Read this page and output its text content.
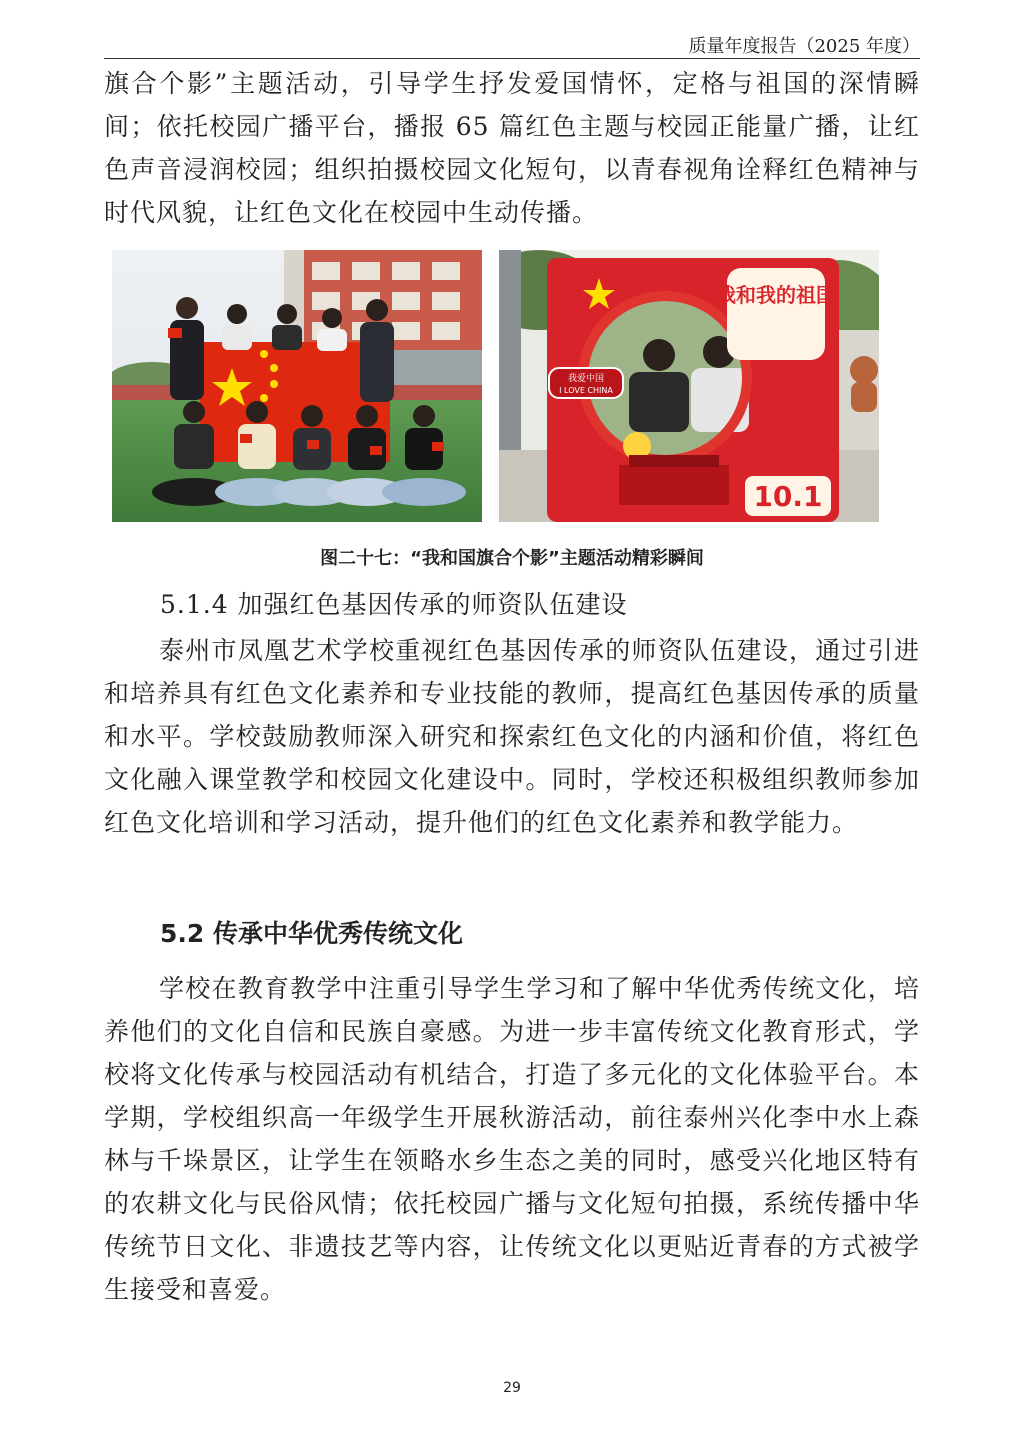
质量年度报告（2025 年度）

旗合个影”主题活动，引导学生抒发爱国情怀，定格与祖国的深情瞬间；依托校园广播平台，播报 65 篇红色主题与校园正能量广播，让红色声音浸润校园；组织拍摄校园文化短句，以青春视角诠释红色精神与时代风貌，让红色文化在校园中生动传播。

我和我的祖国
我爱中国
I LOVE CHINA
10.1
图二十七：“我和国旗合个影”主题活动精彩瞬间
5.1.4 加强红色基因传承的师资队伍建设

泰州市凤凰艺术学校重视红色基因传承的师资队伍建设，通过引进和培养具有红色文化素养和专业技能的教师，提高红色基因传承的质量和水平。学校鼓励教师深入研究和探索红色文化的内涵和价值，将红色文化融入课堂教学和校园文化建设中。同时，学校还积极组织教师参加红色文化培训和学习活动，提升他们的红色文化素养和教学能力。

5.2 传承中华优秀传统文化

学校在教育教学中注重引导学生学习和了解中华优秀传统文化，培养他们的文化自信和民族自豪感。为进一步丰富传统文化教育形式，学校将文化传承与校园活动有机结合，打造了多元化的文化体验平台。本学期，学校组织高一年级学生开展秋游活动，前往泰州兴化李中水上森林与千垛景区，让学生在领略水乡生态之美的同时，感受兴化地区特有的农耕文化与民俗风情；依托校园广播与文化短句拍摄，系统传播中华传统节日文化、非遗技艺等内容，让传统文化以更贴近青春的方式被学生接受和喜爱。

29
